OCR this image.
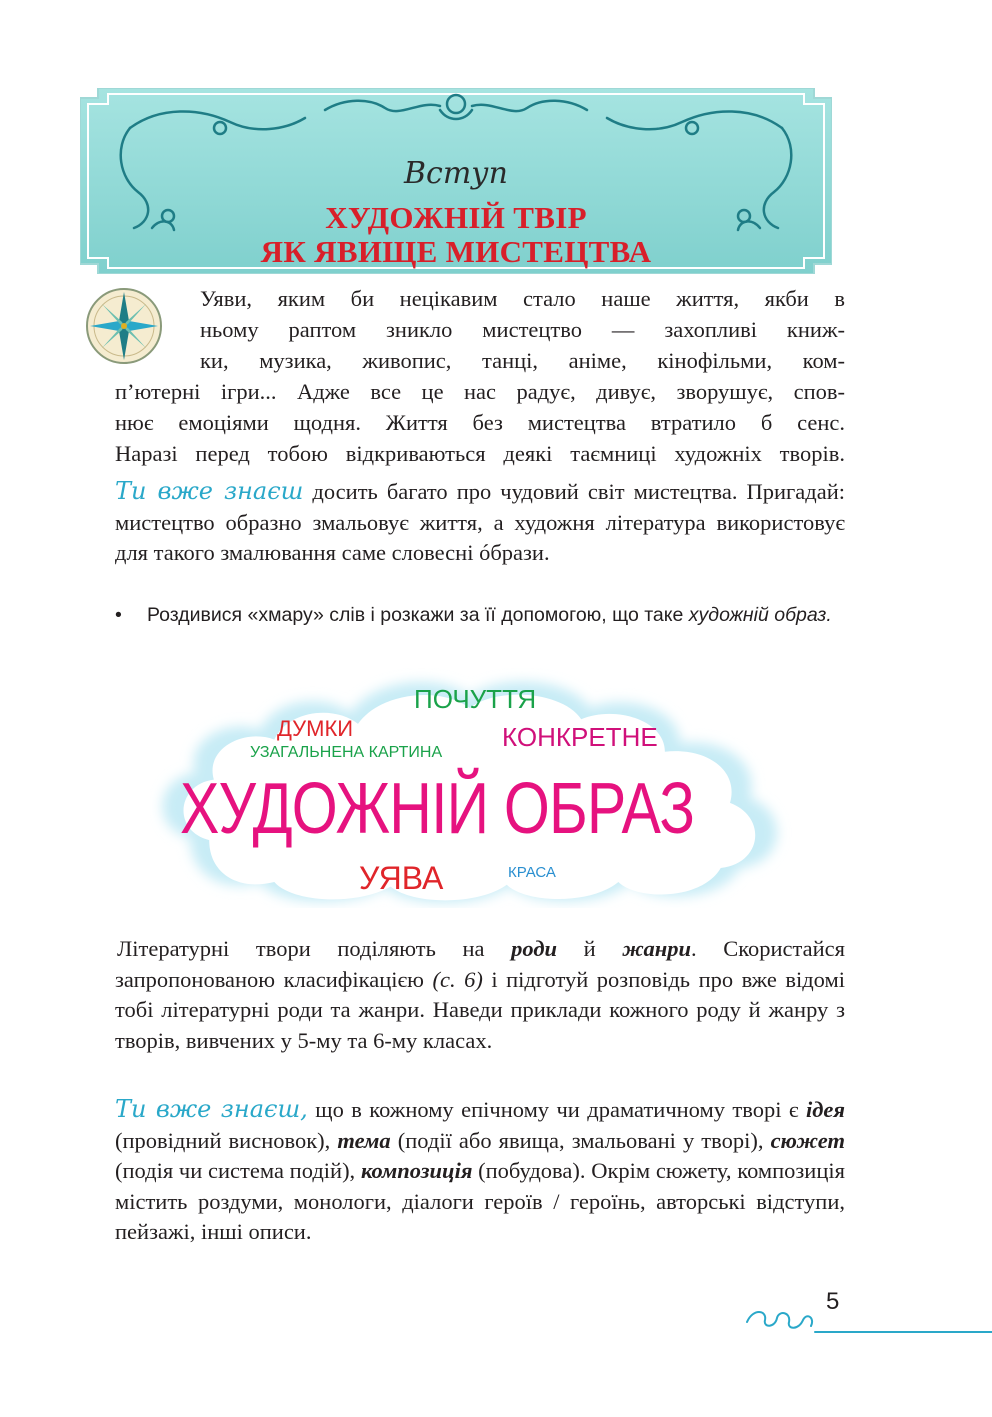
Вступ
ХУДОЖНІЙ ТВІР
ЯК ЯВИЩЕ МИСТЕЦТВА
Уяви, яким би нецікавим стало наше життя, якби в
ньому раптом зникло мистецтво — захопливі книж-
ки, музика, живопис, танці, аніме, кінофільми, ком-
п’ютерні ігри... Адже все це нас радує, дивує, зворушує, спов-
нює емоціями щодня. Життя без мистецтва втратило б сенс.
Наразі перед тобою відкриваються деякі таємниці художніх творів.
Ти вже знаєш досить багато про чудовий світ мистецтва. Пригадай: мистецтво образно змальовує життя, а художня література використовує для такого змалювання саме словесні óбрази.
• Роздивися «хмару» слів і розкажи за її допомогою, що таке художній образ.
ПОЧУТТЯ
ДУМКИ	КОНКРЕТНЕ
УЗАГАЛЬНЕНА КАРТИНА
ХУДОЖНІЙ ОБРАЗ
УЯВА	КРАСА
Літературні твори поділяють на роди й жанри. Скористайся запропонованою класифікацією (с. 6) і підготуй розповідь про вже відомі тобі літературні роди та жанри. Наведи приклади кожного роду й жанру з творів, вивчених у 5-му та 6-му класах.
Ти вже знаєш, що в кожному епічному чи драматичному творі є ідея (провідний висновок), тема (події або явища, змальовані у творі), сюжет (подія чи система подій), композиція (побудова). Окрім сюжету, композиція містить роздуми, монологи, діалоги героїв / героїнь, авторські відступи, пейзажі, інші описи.
5
